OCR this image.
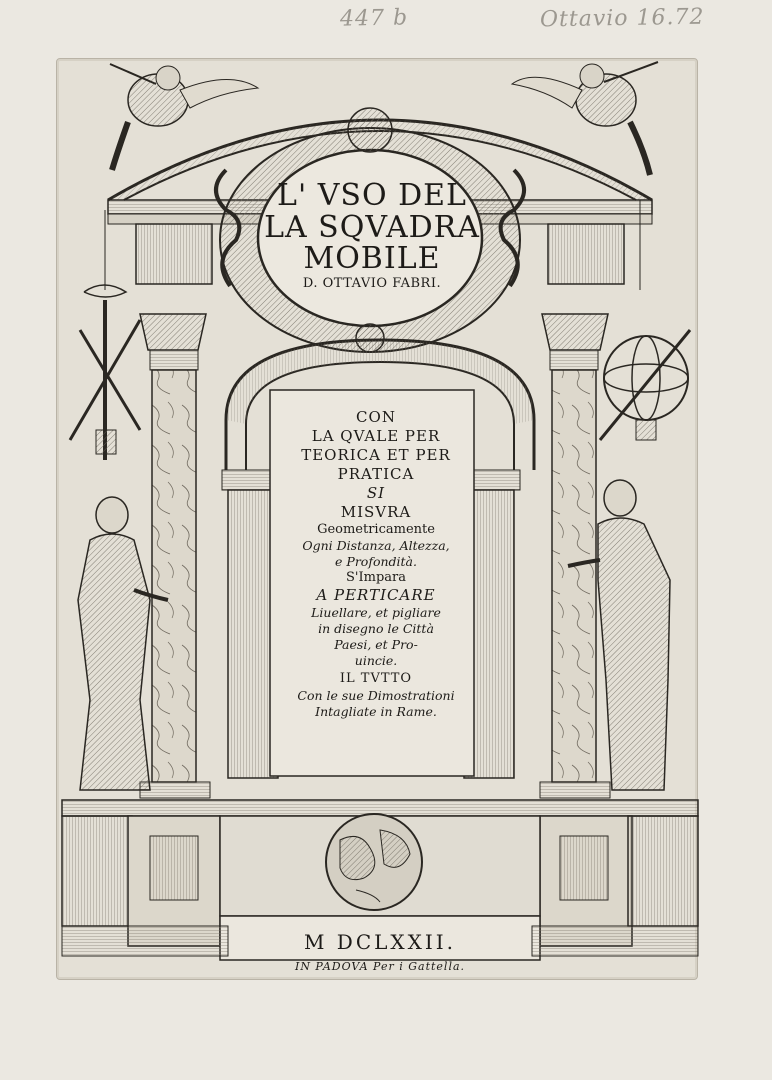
447 b	Ottavio 16.72
L' VSO DEL
LA SQVADRA
MOBILE
D. OTTAVIO FABRI.
CON
LA QVALE PER
TEORICA ET PER
PRATICA
SI
MISVRA
Geometricamente
Ogni Distanza, Altezza,
e Profondità.
S'Impara
A PERTICARE
Liuellare, et pigliare
in disegno le Città
Paesi, et Pro-
uincie.
IL TVTTO
Con le sue Dimostrationi
Intagliate in Rame.
M DCLXXII.
IN PADOVA Per i Gattella.
